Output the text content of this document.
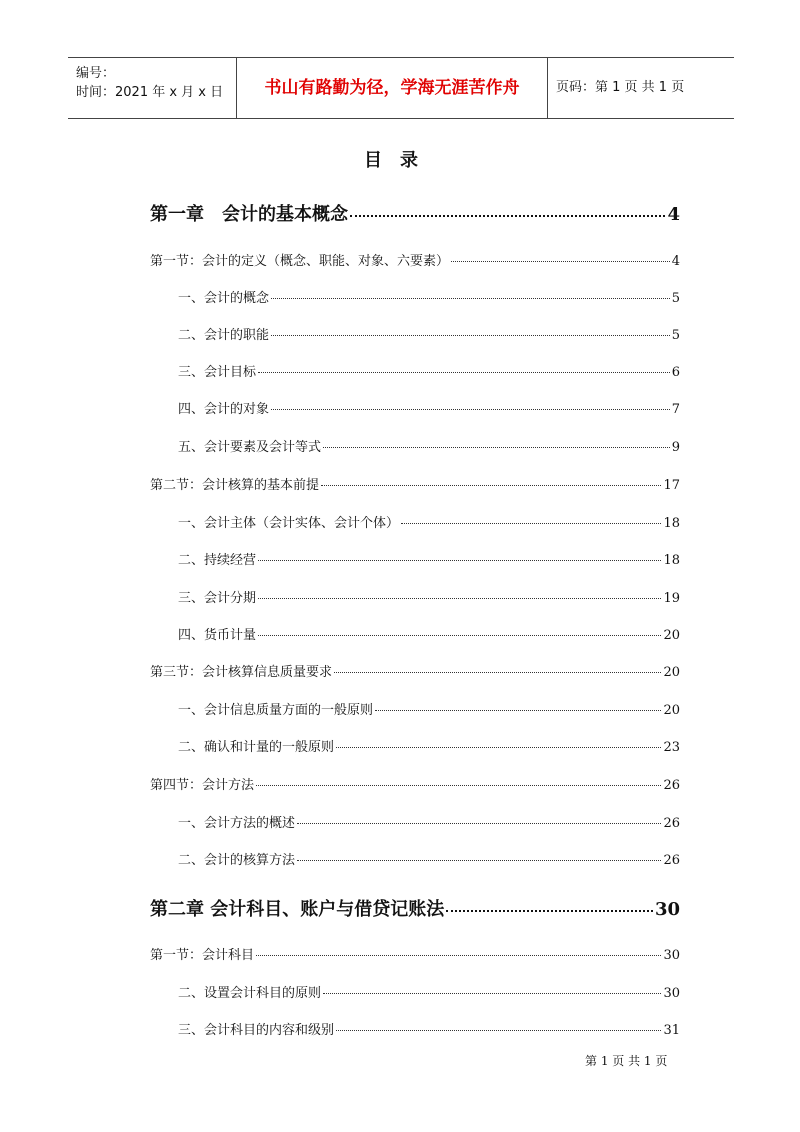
编号：
时间：2021 年 x 月 x 日	书山有路勤为径，学海无涯苦作舟	页码：第 1 页 共 1 页
目录
第一章　会计的基本概念	4
第一节：会计的定义（概念、职能、对象、六要素）	4
一、会计的概念	5
二、会计的职能	5
三、会计目标	6
四、会计的对象	7
五、会计要素及会计等式	9
第二节：会计核算的基本前提	17
一、会计主体（会计实体、会计个体）	18
二、持续经营	18
三、会计分期	19
四、货币计量	20
第三节：会计核算信息质量要求	20
一、会计信息质量方面的一般原则	20
二、确认和计量的一般原则	23
第四节：会计方法	26
一、会计方法的概述	26
二、会计的核算方法	26
第二章 会计科目、账户与借贷记账法	30
第一节：会计科目	30
二、设置会计科目的原则	30
三、会计科目的内容和级别	31
第 1 页 共 1 页
